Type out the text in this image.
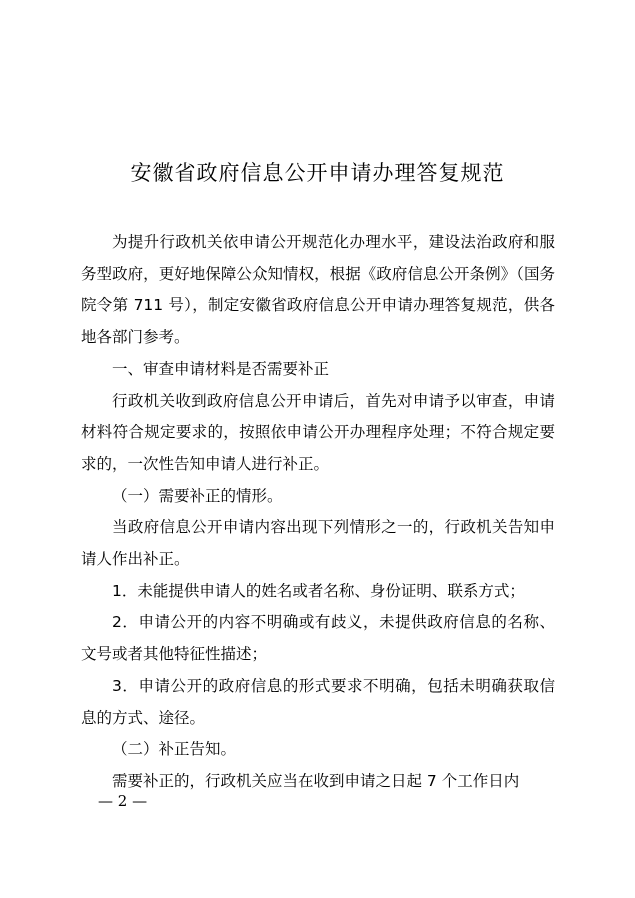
安徽省政府信息公开申请办理答复规范

为提升行政机关依申请公开规范化办理水平，建设法治政府和服务型政府，更好地保障公众知情权，根据《政府信息公开条例》（国务院令第 711 号），制定安徽省政府信息公开申请办理答复规范，供各地各部门参考。

一、审查申请材料是否需要补正

行政机关收到政府信息公开申请后，首先对申请予以审查，申请材料符合规定要求的，按照依申请公开办理程序处理；不符合规定要求的，一次性告知申请人进行补正。

（一）需要补正的情形。

当政府信息公开申请内容出现下列情形之一的，行政机关告知申请人作出补正。

1．未能提供申请人的姓名或者名称、身份证明、联系方式；

2．申请公开的内容不明确或有歧义，未提供政府信息的名称、文号或者其他特征性描述；

3．申请公开的政府信息的形式要求不明确，包括未明确获取信息的方式、途径。

（二）补正告知。

需要补正的，行政机关应当在收到申请之日起 7 个工作日内

— 2 —
